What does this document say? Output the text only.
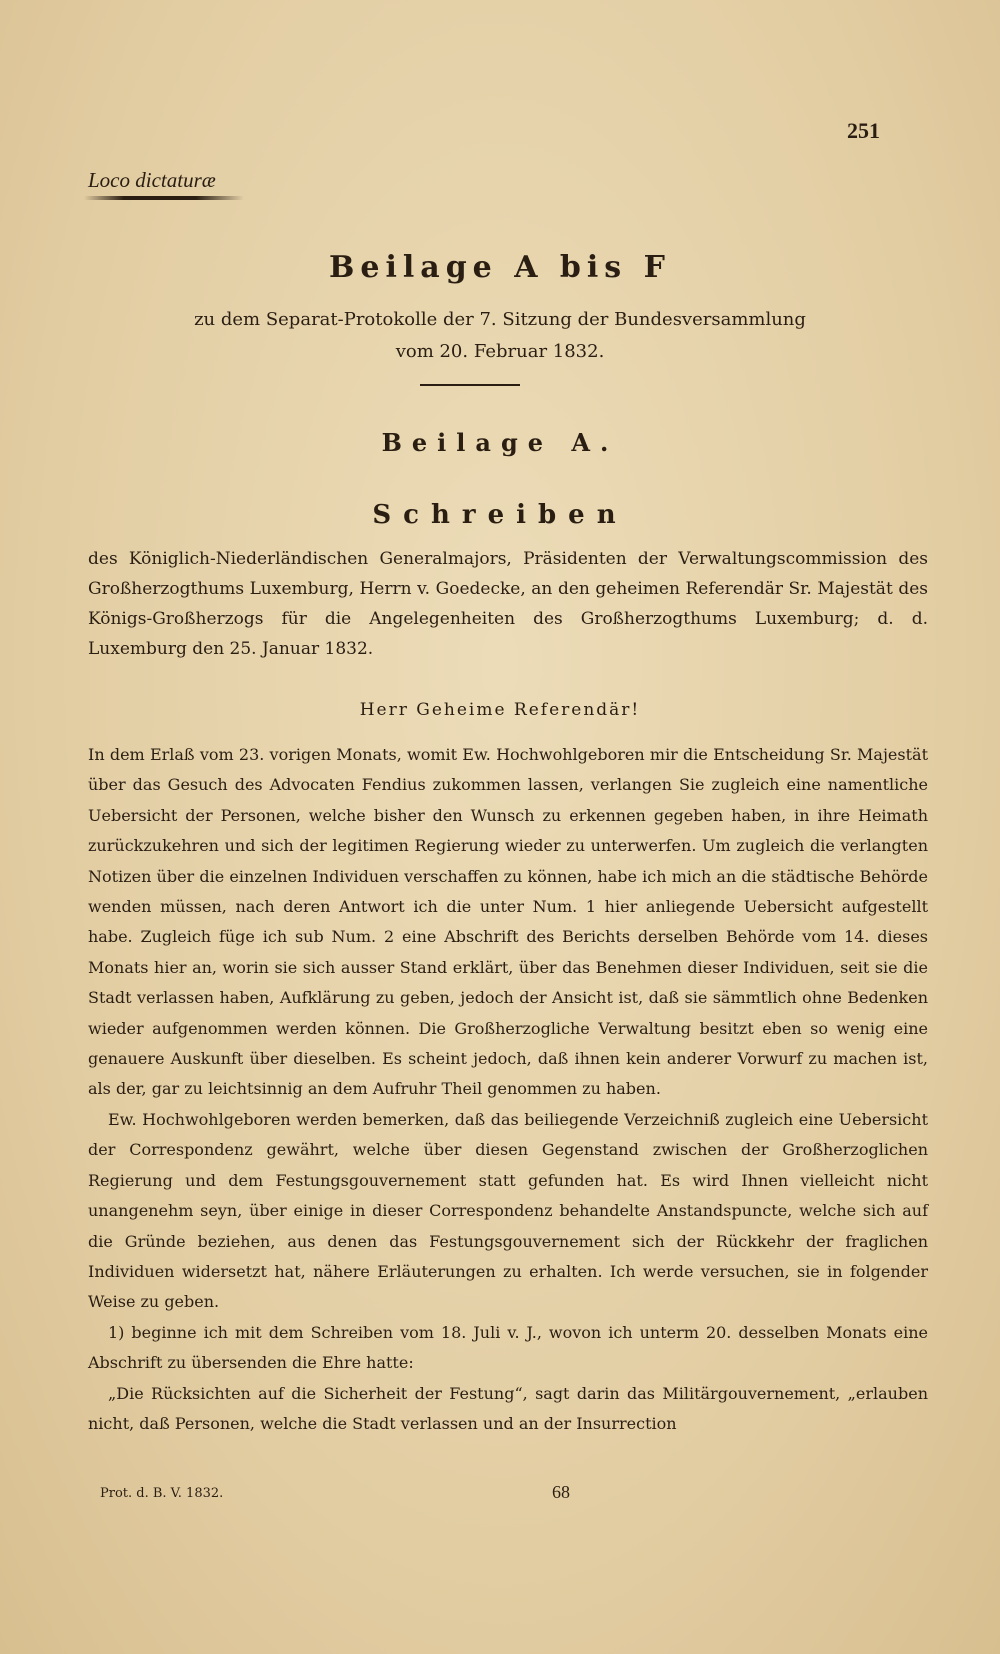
251
Loco dictaturæ
Beilage A bis F
zu dem Separat-Protokolle der 7. Sitzung der Bundesversammlung
vom 20. Februar 1832.
Beilage A.
Schreiben
des Königlich-Niederländischen Generalmajors, Präsidenten der Verwaltungscommission des Großherzogthums Luxemburg, Herrn v. Goedecke, an den geheimen Referendär Sr. Majestät des Königs-Großherzogs für die Angelegenheiten des Großherzogthums Luxemburg; d. d. Luxemburg den 25. Januar 1832.
Herr Geheime Referendär!

In dem Erlaß vom 23. vorigen Monats, womit Ew. Hochwohlgeboren mir die Entscheidung Sr. Majestät über das Gesuch des Advocaten Fendius zukommen lassen, verlangen Sie zugleich eine namentliche Uebersicht der Personen, welche bisher den Wunsch zu erkennen gegeben haben, in ihre Heimath zurückzukehren und sich der legitimen Regierung wieder zu unterwerfen. Um zugleich die verlangten Notizen über die einzelnen Individuen verschaffen zu können, habe ich mich an die städtische Behörde wenden müssen, nach deren Antwort ich die unter Num. 1 hier anliegende Uebersicht aufgestellt habe. Zugleich füge ich sub Num. 2 eine Abschrift des Berichts derselben Behörde vom 14. dieses Monats hier an, worin sie sich ausser Stand erklärt, über das Benehmen dieser Individuen, seit sie die Stadt verlassen haben, Aufklärung zu geben, jedoch der Ansicht ist, daß sie sämmtlich ohne Bedenken wieder aufgenommen werden können. Die Großherzogliche Verwaltung besitzt eben so wenig eine genauere Auskunft über dieselben. Es scheint jedoch, daß ihnen kein anderer Vorwurf zu machen ist, als der, gar zu leichtsinnig an dem Aufruhr Theil genommen zu haben.

Ew. Hochwohlgeboren werden bemerken, daß das beiliegende Verzeichniß zugleich eine Uebersicht der Correspondenz gewährt, welche über diesen Gegenstand zwischen der Großherzoglichen Regierung und dem Festungsgouvernement statt gefunden hat. Es wird Ihnen vielleicht nicht unangenehm seyn, über einige in dieser Correspondenz behandelte Anstandspuncte, welche sich auf die Gründe beziehen, aus denen das Festungsgouvernement sich der Rückkehr der fraglichen Individuen widersetzt hat, nähere Erläuterungen zu erhalten. Ich werde versuchen, sie in folgender Weise zu geben.

1) beginne ich mit dem Schreiben vom 18. Juli v. J., wovon ich unterm 20. desselben Monats eine Abschrift zu übersenden die Ehre hatte:

„Die Rücksichten auf die Sicherheit der Festung“, sagt darin das Militärgouvernement, „erlauben nicht, daß Personen, welche die Stadt verlassen und an der Insurrection

Prot. d. B. V. 1832.	68
